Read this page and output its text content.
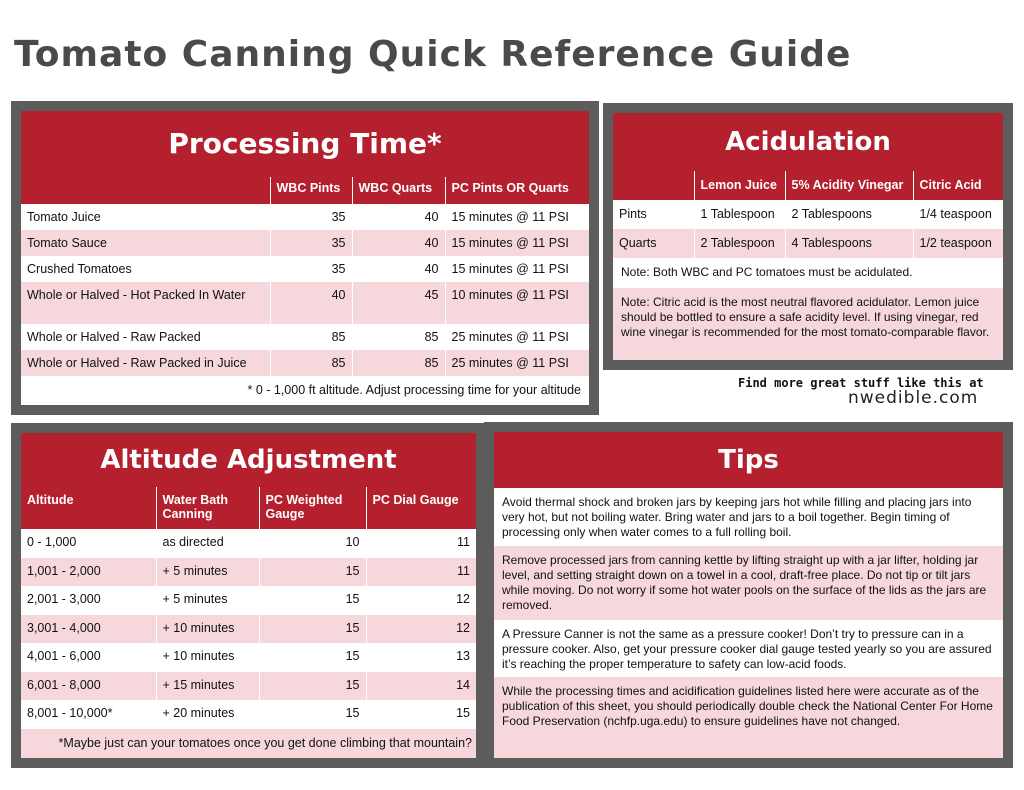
Tomato Canning Quick Reference Guide
Processing Time*
	WBC Pints	WBC Quarts	PC Pints OR Quarts
Tomato Juice	35	40	15 minutes @ 11 PSI
Tomato Sauce	35	40	15 minutes @ 11 PSI
Crushed Tomatoes	35	40	15 minutes @ 11 PSI
Whole or Halved - Hot Packed In Water	40	45	10 minutes @ 11 PSI
Whole or Halved - Raw Packed	85	85	25 minutes @ 11 PSI
Whole or Halved - Raw Packed in Juice	85	85	25 minutes @ 11 PSI
* 0 - 1,000 ft altitude. Adjust processing time for your altitude
Acidulation
	Lemon Juice	5% Acidity Vinegar	Citric Acid
Pints	1 Tablespoon	2 Tablespoons	1/4 teaspoon
Quarts	2 Tablespoon	4 Tablespoons	1/2 teaspoon
Note: Both WBC and PC tomatoes must be acidulated.
Note: Citric acid is the most neutral flavored acidulator. Lemon juice should be bottled to ensure a safe acidity level. If using vinegar, red wine vinegar is recommended for the most tomato-comparable flavor.
Find more great stuff like this at
nwedible.com
Altitude Adjustment
Altitude	Water Bath Canning	PC Weighted Gauge	PC Dial Gauge
0 - 1,000	as directed	10	11
1,001 - 2,000	+ 5 minutes	15	11
2,001 - 3,000	+ 5 minutes	15	12
3,001 - 4,000	+ 10 minutes	15	12
4,001 - 6,000	+ 10 minutes	15	13
6,001 - 8,000	+ 15 minutes	15	14
8,001 - 10,000*	+ 20 minutes	15	15
*Maybe just can your tomatoes once you get done climbing that mountain?
Tips
Avoid thermal shock and broken jars by keeping jars hot while filling and placing jars into very hot, but not boiling water. Bring water and jars to a boil together. Begin timing of processing only when water comes to a full rolling boil.
Remove processed jars from canning kettle by lifting straight up with a jar lifter, holding jar level, and setting straight down on a towel in a cool, draft-free place. Do not tip or tilt jars while moving. Do not worry if some hot water pools on the surface of the lids as the jars are removed.
A Pressure Canner is not the same as a pressure cooker! Don’t try to pressure can in a pressure cooker. Also, get your pressure cooker dial gauge tested yearly so you are assured it’s reaching the proper temperature to safety can low-acid foods.
While the processing times and acidification guidelines listed here were accurate as of the publication of this sheet, you should periodically double check the National Center For Home Food Preservation (nchfp.uga.edu) to ensure guidelines have not changed.
